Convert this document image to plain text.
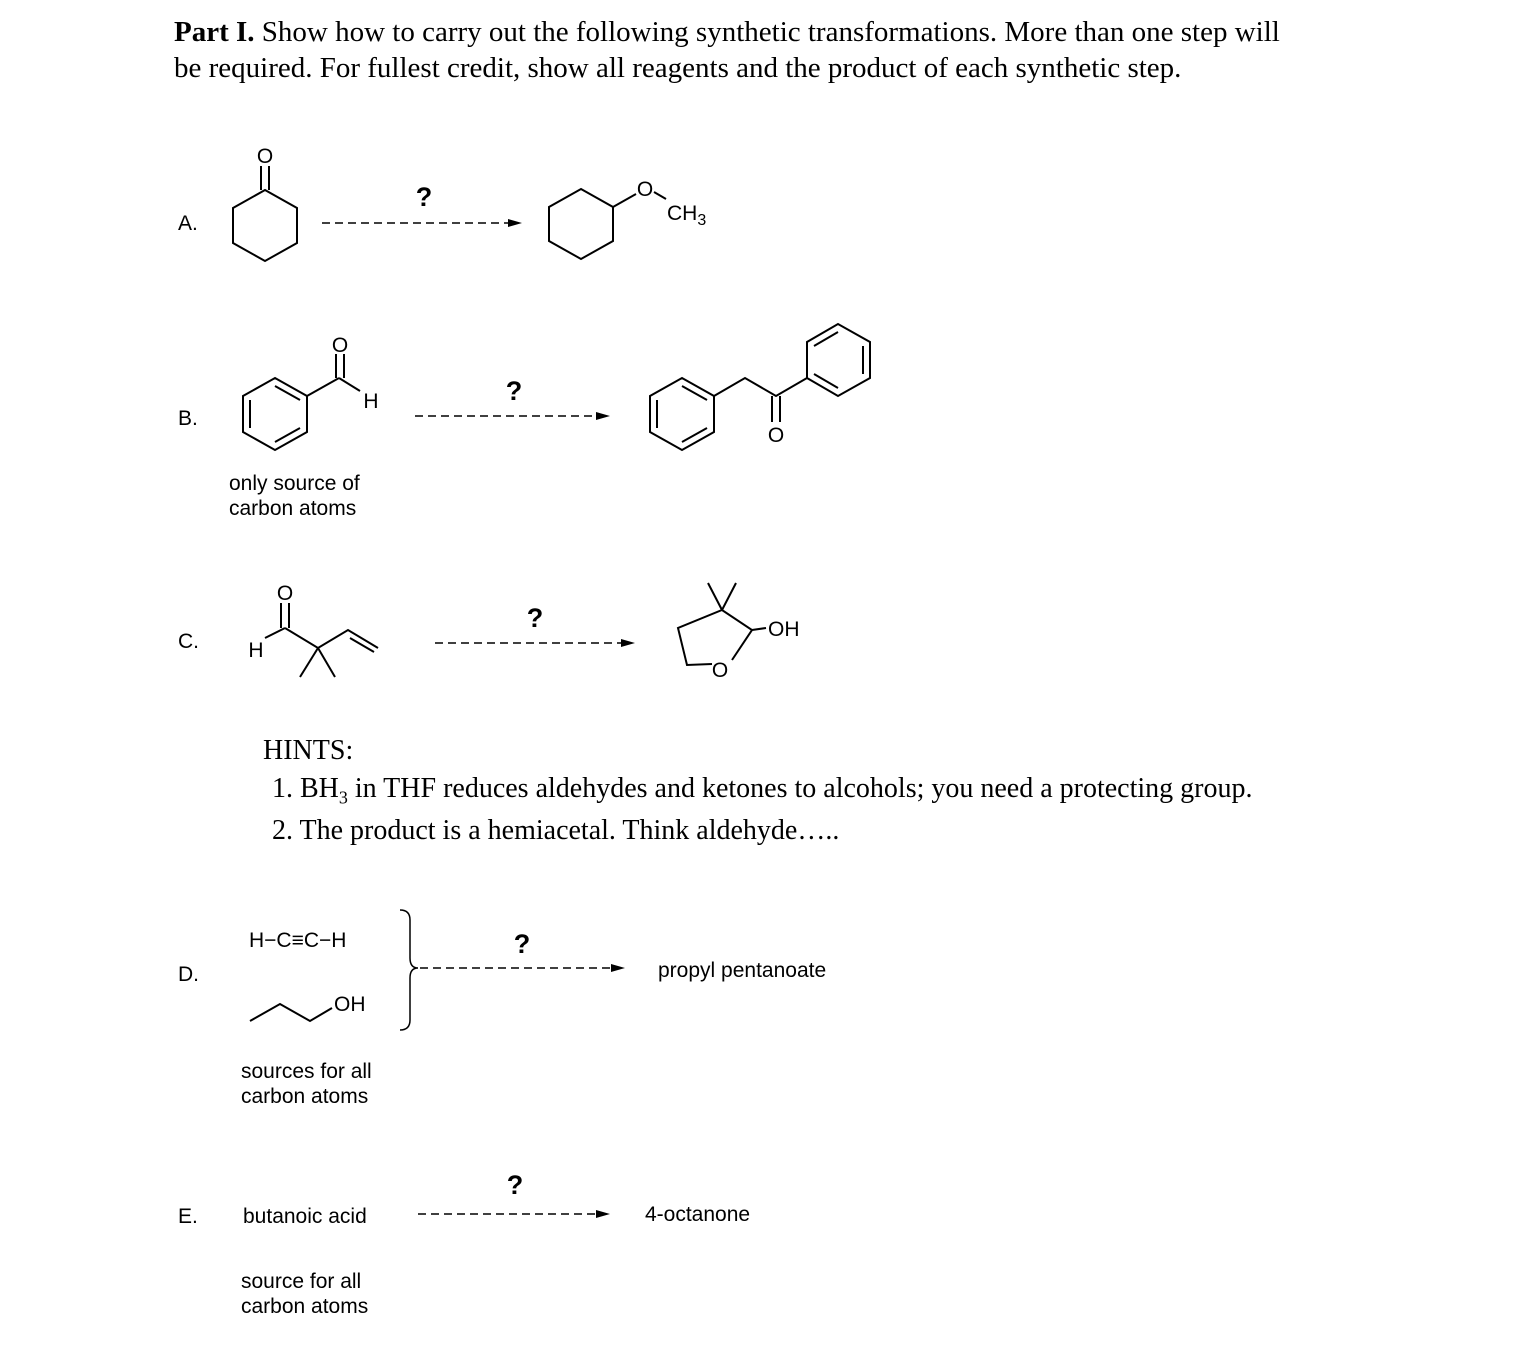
Part I. Show how to carry out the following synthetic transformations. More than one step will
be required. For fullest credit, show all reagents and the product of each synthetic step.
A.
O
?	O
$CH_3$
B.
O
H	?
O
C.
O
H
?	OH
O
D.
H−C≡C−H
OH
?
propyl pentanoate
E. butanoic acid
?
4-octanone
only source of
carbon atoms
HINTS:
1. $BH_3$ in THF reduces aldehydes and ketones to alcohols; you need a protecting group.
2. The product is a hemiacetal. Think aldehyde…..
sources for all
carbon atoms
source for all
carbon atoms
